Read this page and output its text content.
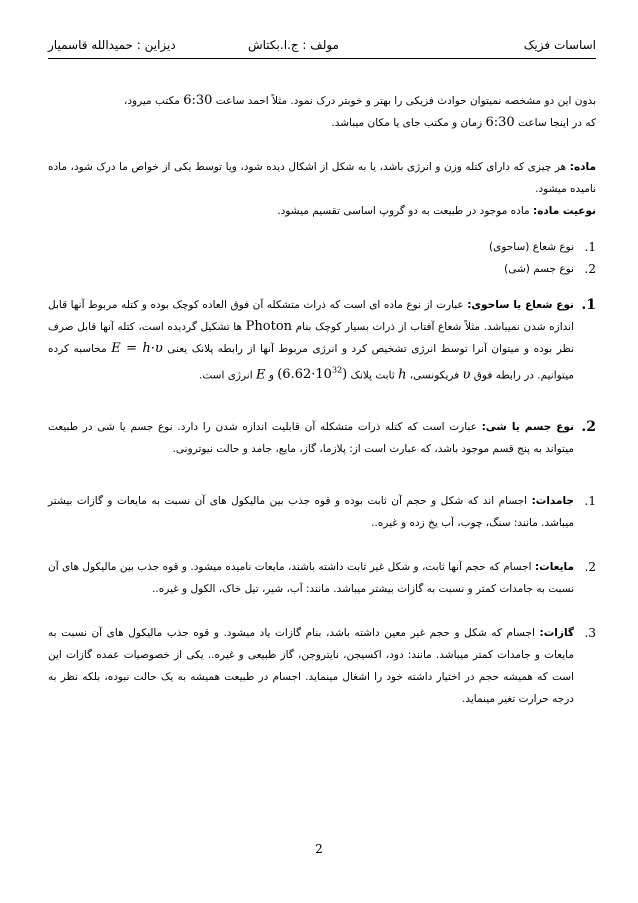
اساسات فزیک
مولف : ج.ا.بکتاش
دیزاین : حمیدالله قاسمیار

بدون این دو مشخصه نمیتوان حوادث فزیکی را بهتر و خوبتر درک نمود. مثلاً احمد ساعت 6:30 مکتب میرود،
که در اینجا ساعت 6:30 زمان و مکتب جای یا مکان میباشد.

ماده: هر چیزی که دارای کتله وزن و انرژی باشد، یا به شکل از اشکال دیده شود، ویا توسط یکی از خواص ما درک شود، ماده نامیده میشود.

نوعیت ماده: ماده موجود در طبیعت به دو گروپ اساسی تقسیم میشود.

1.
نوع شعاع (ساحوی)
2.
نوع جسم (شی)
1.
نوع شعاع یا ساحوی: عبارت از نوع ماده ای است که ذرات متشکله آن فوق العاده کوچک بوده و کتله مربوط آنها قابل اندازه شدن نمیباشد. مثلاً شعاع آفتاب از ذرات بسیار کوچک بنام Photon ها تشکیل گردیده است، کتله آنها قابل صرف نظر بوده و میتوان آنرا توسط انرژی تشخیص کرد و انرژی مربوط آنها از رابطه پلانک یعنی E = h·υ محاسبه کرده میتوانیم. در رابطه فوق υ فریکونسی، h ثابت پلانک $(6.62\cdot 10^{32})$ و E انرژی است.
2.
نوع جسم یا شی: عبارت است که کتله ذرات متشکله آن قابلیت اندازه شدن را دارد. نوع جسم یا شی در طبیعت میتواند به پنج قسم موجود باشد، که عبارت است از: پلازما، گاز، مایع، جامد و حالت نیوترونی.
1.
جامدات: اجسام اند که شکل و حجم آن ثابت بوده و قوه جذب بین مالیکول های آن نسبت به مایعات و گازات بیشتر میباشد. مانند: سنگ، چوب، آب یخ زده و غیره..
2.
مایعات: اجسام که حجم آنها ثابت، و شکل غیر ثابت داشته باشند، مایعات نامیده میشود. و قوه جذب بین مالیکول های آن نسبت به جامدات کمتر و نسبت به گازات بیشتر میباشد. مانند: آب، شیر، تیل خاک، الکول و غیره..
3.
گازات: اجسام که شکل و حجم غیر معین داشته باشد، بنام گازات یاد میشود. و قوه جذب مالیکول های آن نسبت به مایعات و جامدات کمتر میباشد. مانند: دود، اکسیجن، نایتروجن، گاز طبیعی و غیره.. یکی از خصوصیات عمده گازات این است که همیشه حجم در اختیار داشته خود را اشغال مینماید. اجسام در طبیعت همیشه به یک حالت نبوده، بلکه نظر به درجه حرارت تغیر مینماید.
2
